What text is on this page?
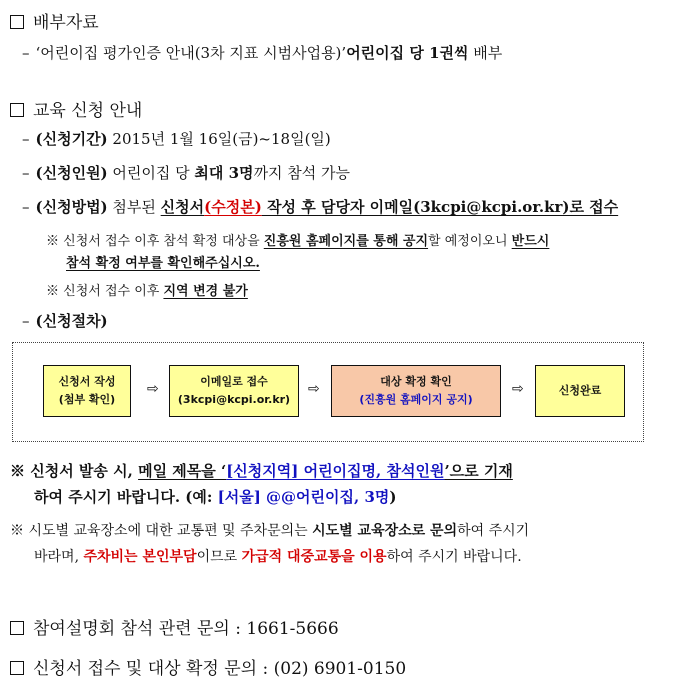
배부자료
– ‘어린이집 평가인증 안내(3차 지표 시범사업용)’어린이집 당 1권씩 배부
교육 신청 안내
– (신청기간) 2015년 1월 16일(금)~18일(일)
– (신청인원) 어린이집 당 최대 3명까지 참석 가능
– (신청방법) 첨부된 신청서(수정본) 작성 후 담당자 이메일(3kcpi@kcpi.or.kr)로 접수
※ 신청서 접수 이후 참석 확정 대상을 진흥원 홈페이지를 통해 공지할 예정이오니 반드시
참석 확정 여부를 확인해주십시오.
※ 신청서 접수 이후 지역 변경 불가
– (신청절차)
신청서 작성
(첨부 확인)
⇨	이메일로 접수
(3kcpi@kcpi.or.kr)
⇨	대상 확정 확인
(진흥원 홈페이지 공지)
⇨	신청완료
※ 신청서 발송 시, 메일 제목을 ‘[신청지역] 어린이집명, 참석인원’으로 기재
하여 주시기 바랍니다. (예: [서울] @@어린이집, 3명)
※ 시도별 교육장소에 대한 교통편 및 주차문의는 시도별 교육장소로 문의하여 주시기
바라며, 주차비는 본인부담이므로 가급적 대중교통을 이용하여 주시기 바랍니다.
참여설명회 참석 관련 문의 : 1661-5666
신청서 접수 및 대상 확정 문의 : (02) 6901-0150
